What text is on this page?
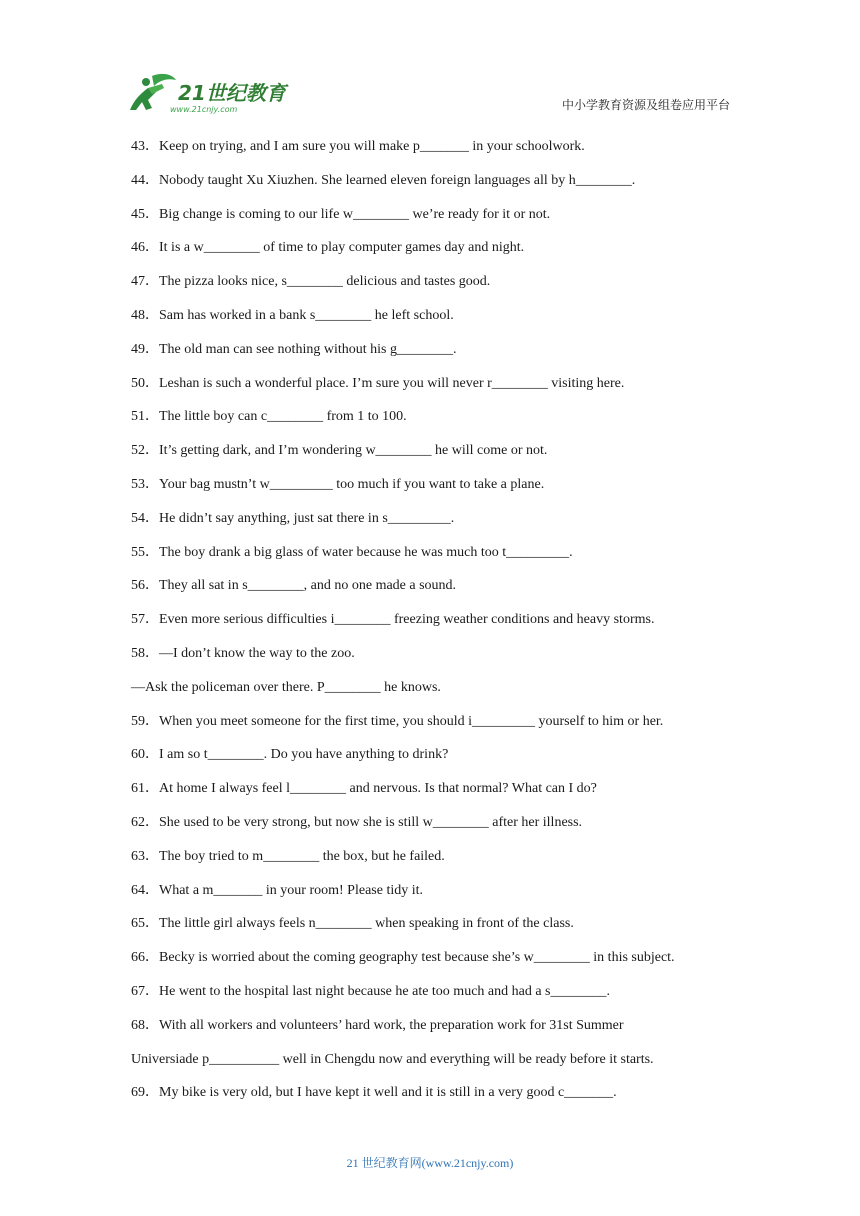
21世纪教育
www.21cnjy.com	中小学教育资源及组卷应用平台
43．Keep on trying, and I am sure you will make p_______ in your schoolwork.
44．Nobody taught Xu Xiuzhen. She learned eleven foreign languages all by h________.
45．Big change is coming to our life w________ we’re ready for it or not.
46．It is a w________ of time to play computer games day and night.
47．The pizza looks nice, s________ delicious and tastes good.
48．Sam has worked in a bank s________ he left school.
49．The old man can see nothing without his g________.
50．Leshan is such a wonderful place. I’m sure you will never r________ visiting here.
51．The little boy can c________ from 1 to 100.
52．It’s getting dark, and I’m wondering w________ he will come or not.
53．Your bag mustn’t w_________ too much if you want to take a plane.
54．He didn’t say anything, just sat there in s_________.
55．The boy drank a big glass of water because he was much too t_________.
56．They all sat in s________, and no one made a sound.
57．Even more serious difficulties i________ freezing weather conditions and heavy storms.
58．—I don’t know the way to the zoo.
—Ask the policeman over there. P________ he knows.
59．When you meet someone for the first time, you should i_________ yourself to him or her.
60．I am so t________. Do you have anything to drink?
61．At home I always feel l________ and nervous. Is that normal? What can I do?
62．She used to be very strong, but now she is still w________ after her illness.
63．The boy tried to m________ the box, but he failed.
64．What a m_______ in your room! Please tidy it.
65．The little girl always feels n________ when speaking in front of the class.
66．Becky is worried about the coming geography test because she’s w________ in this subject.
67．He went to the hospital last night because he ate too much and had a s________.
68．With all workers and volunteers’ hard work, the preparation work for 31st Summer
Universiade p__________ well in Chengdu now and everything will be ready before it starts.
69．My bike is very old, but I have kept it well and it is still in a very good c_______.
21 世纪教育网(www.21cnjy.com)
